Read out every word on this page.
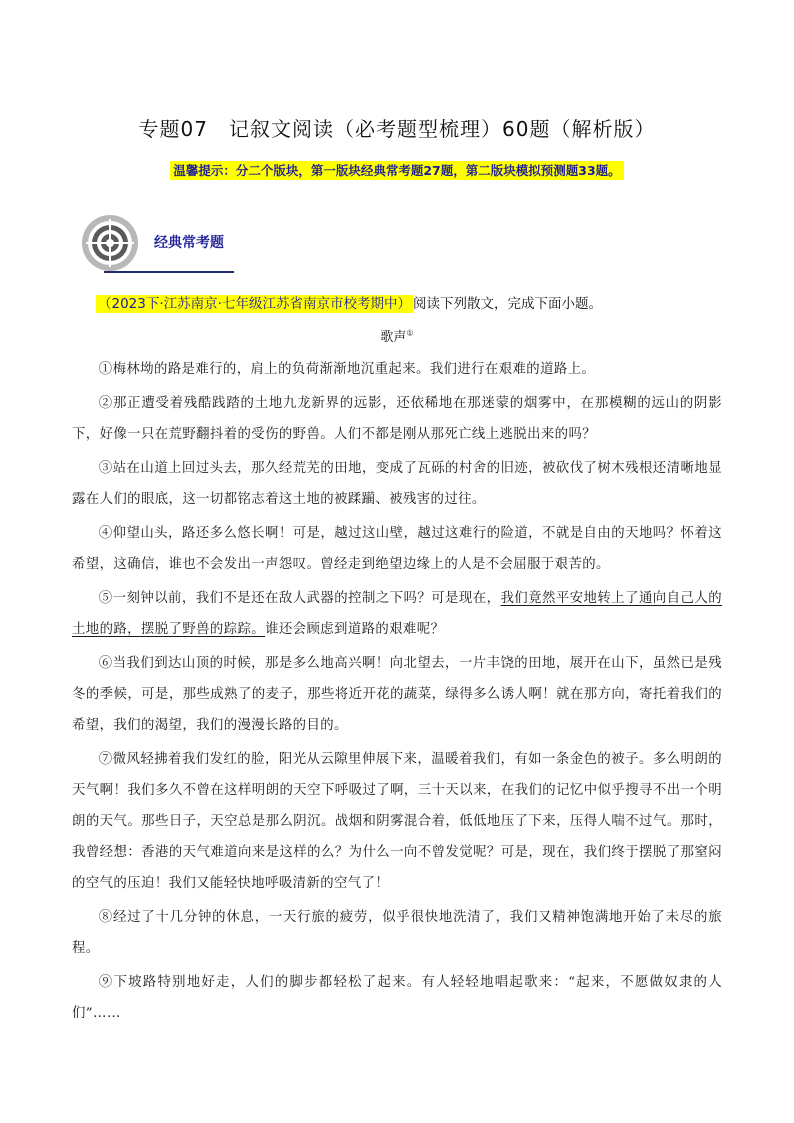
专题07　记叙文阅读（必考题型梳理）60题（解析版）
温馨提示：分二个版块，第一版块经典常考题27题，第二版块模拟预测题33题。
经典常考题
（2023下·江苏南京·七年级江苏省南京市校考期中） 阅读下列散文，完成下面小题。
歌声①

①梅林坳的路是难行的，肩上的负荷渐渐地沉重起来。我们进行在艰难的道路上。

②那正遭受着残酷践踏的土地九龙新界的远影，还依稀地在那迷蒙的烟雾中，在那模糊的远山的阴影下，好像一只在荒野翻抖着的受伤的野兽。人们不都是刚从那死亡线上逃脱出来的吗？

③站在山道上回过头去，那久经荒芜的田地，变成了瓦砾的村舍的旧迹，被砍伐了树木残根还清晰地显露在人们的眼底，这一切都铭志着这土地的被蹂躏、被残害的过往。

④仰望山头，路还多么悠长啊！可是，越过这山壁，越过这难行的险道，不就是自由的天地吗？怀着这希望，这确信，谁也不会发出一声怨叹。曾经走到绝望边缘上的人是不会屈服于艰苦的。

⑤一刻钟以前，我们不是还在敌人武器的控制之下吗？可是现在，我们竟然平安地转上了通向自己人的土地的路，摆脱了野兽的踪踪。谁还会顾虑到道路的艰难呢？

⑥当我们到达山顶的时候，那是多么地高兴啊！向北望去，一片丰饶的田地，展开在山下，虽然已是残冬的季候，可是，那些成熟了的麦子，那些将近开花的蔬菜，绿得多么诱人啊！就在那方向，寄托着我们的希望，我们的渴望，我们的漫漫长路的目的。

⑦微风轻拂着我们发红的脸，阳光从云隙里伸展下来，温暖着我们，有如一条金色的被子。多么明朗的天气啊！我们多久不曾在这样明朗的天空下呼吸过了啊，三十天以来，在我们的记忆中似乎搜寻不出一个明朗的天气。那些日子，天空总是那么阴沉。战烟和阴雾混合着，低低地压了下来，压得人喘不过气。那时，我曾经想：香港的天气难道向来是这样的么？为什么一向不曾发觉呢？可是，现在，我们终于摆脱了那窒闷的空气的压迫！我们又能轻快地呼吸清新的空气了！

⑧经过了十几分钟的休息，一天行旅的疲劳，似乎很快地洗清了，我们又精神饱满地开始了未尽的旅程。

⑨下坡路特别地好走，人们的脚步都轻松了起来。有人轻轻地唱起歌来：“起来，不愿做奴隶的人们”……
